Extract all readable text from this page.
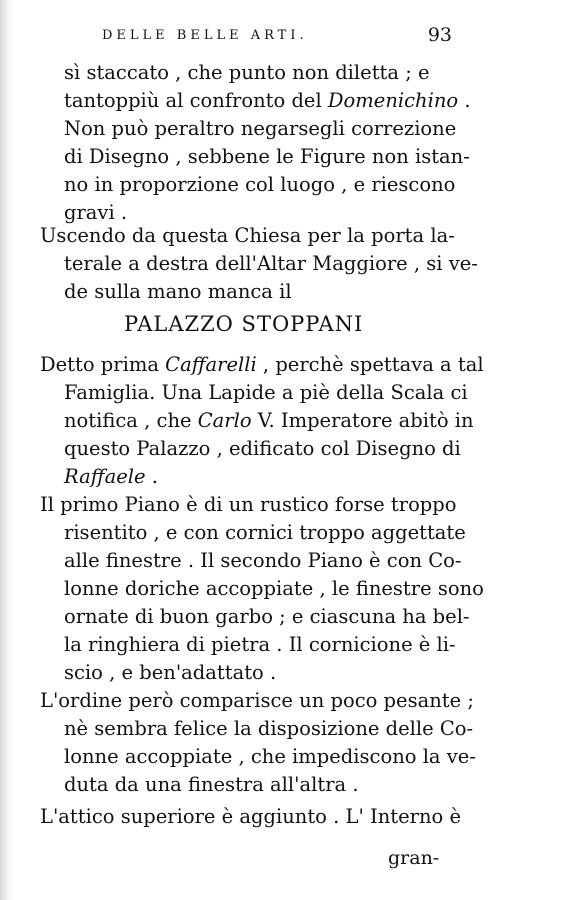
DELLE BELLE ARTI.	93
sì staccato , che punto non diletta ; e
tantoppiù al confronto del Domenichino .
Non può peraltro negarsegli correzione
di Disegno , sebbene le Figure non istan-
no in proporzione col luogo , e riescono
gravi .
Uscendo da questa Chiesa per la porta la-
terale a destra dell'Altar Maggiore , si ve-
de sulla mano manca il
PALAZZO STOPPANI
Detto prima Caffarelli , perchè spettava a tal
Famiglia. Una Lapide a piè della Scala ci
notifica , che Carlo V. Imperatore abitò in
questo Palazzo , edificato col Disegno di
Raffaele .
Il primo Piano è di un rustico forse troppo
risentito , e con cornici troppo aggettate
alle finestre . Il secondo Piano è con Co-
lonne doriche accoppiate , le finestre sono
ornate di buon garbo ; e ciascuna ha bel-
la ringhiera di pietra . Il cornicione è li-
scio , e ben'adattato .
L'ordine però comparisce un poco pesante ;
nè sembra felice la disposizione delle Co-
lonne accoppiate , che impediscono la ve-
duta da una finestra all'altra .
L'attico superiore è aggiunto . L' Interno è
gran-
